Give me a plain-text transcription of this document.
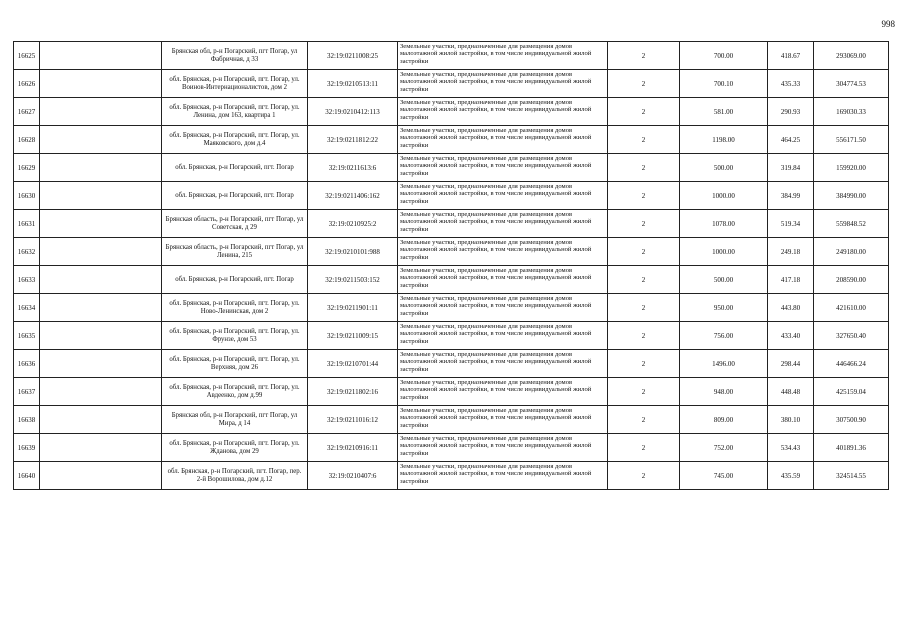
998
16625		Брянская обл, р-н Погарский, пгт Погар, ул Фабричная, д 33	32:19:0211008:25	Земельные участки, предназначенные для размещения домов малоэтажной жилой застройки, в том числе индивидуальной жилой застройки	2	700.00	418.67	293069.00
16626		обл. Брянская, р-н Погарский, пгт. Погар, ул. Воинов-Интернационалистов, дом 2	32:19:0210513:11	Земельные участки, предназначенные для размещения домов малоэтажной жилой застройки, в том числе индивидуальной жилой застройки	2	700.10	435.33	304774.53
16627		обл. Брянская, р-н Погарский, пгт. Погар, ул. Ленина, дом 163, квартира 1	32:19:0210412:113	Земельные участки, предназначенные для размещения домов малоэтажной жилой застройки, в том числе индивидуальной жилой застройки	2	581.00	290.93	169030.33
16628		обл. Брянская, р-н Погарский, пгт. Погар, ул. Маяковского, дом д.4	32:19:0211812:22	Земельные участки, предназначенные для размещения домов малоэтажной жилой застройки, в том числе индивидуальной жилой застройки	2	1198.00	464.25	556171.50
16629		обл. Брянская, р-н Погарский, пгт. Погар	32:19:0211613:6	Земельные участки, предназначенные для размещения домов малоэтажной жилой застройки, в том числе индивидуальной жилой застройки	2	500.00	319.84	159920.00
16630		обл. Брянская, р-н Погарский, пгт. Погар	32:19:0211406:162	Земельные участки, предназначенные для размещения домов малоэтажной жилой застройки, в том числе индивидуальной жилой застройки	2	1000.00	384.99	384990.00
16631		Брянская область, р-н Погарский, пгт Погар, ул Советская, д 29	32:19:0210925:2	Земельные участки, предназначенные для размещения домов малоэтажной жилой застройки, в том числе индивидуальной жилой застройки	2	1078.00	519.34	559848.52
16632		Брянская область, р-н Погарский, пгт Погар, ул Ленина, 215	32:19:0210101:988	Земельные участки, предназначенные для размещения домов малоэтажной жилой застройки, в том числе индивидуальной жилой застройки	2	1000.00	249.18	249180.00
16633		обл. Брянская, р-н Погарский, пгт. Погар	32:19:0211503:152	Земельные участки, предназначенные для размещения домов малоэтажной жилой застройки, в том числе индивидуальной жилой застройки	2	500.00	417.18	208590.00
16634		обл. Брянская, р-н Погарский, пгт. Погар, ул. Ново-Ленинская, дом 2	32:19:0211901:11	Земельные участки, предназначенные для размещения домов малоэтажной жилой застройки, в том числе индивидуальной жилой застройки	2	950.00	443.80	421610.00
16635		обл. Брянская, р-н Погарский, пгт. Погар, ул. Фрунзе, дом 53	32:19:0211009:15	Земельные участки, предназначенные для размещения домов малоэтажной жилой застройки, в том числе индивидуальной жилой застройки	2	756.00	433.40	327650.40
16636		обл. Брянская, р-н Погарский, пгт. Погар, ул. Верхняя, дом 26	32:19:0210701:44	Земельные участки, предназначенные для размещения домов малоэтажной жилой застройки, в том числе индивидуальной жилой застройки	2	1496.00	298.44	446466.24
16637		обл. Брянская, р-н Погарский, пгт. Погар, ул. Авдеенко, дом д.99	32:19:0211802:16	Земельные участки, предназначенные для размещения домов малоэтажной жилой застройки, в том числе индивидуальной жилой застройки	2	948.00	448.48	425159.04
16638		Брянская обл, р-н Погарский, пгт Погар, ул Мира, д 14	32:19:0211016:12	Земельные участки, предназначенные для размещения домов малоэтажной жилой застройки, в том числе индивидуальной жилой застройки	2	809.00	380.10	307500.90
16639		обл. Брянская, р-н Погарский, пгт. Погар, ул. Жданова, дом 29	32:19:0210916:11	Земельные участки, предназначенные для размещения домов малоэтажной жилой застройки, в том числе индивидуальной жилой застройки	2	752.00	534.43	401891.36
16640		обл. Брянская, р-н Погарский, пгт. Погар, пер. 2-й Ворошилова, дом д.12	32:19:0210407:6	Земельные участки, предназначенные для размещения домов малоэтажной жилой застройки, в том числе индивидуальной жилой застройки	2	745.00	435.59	324514.55
